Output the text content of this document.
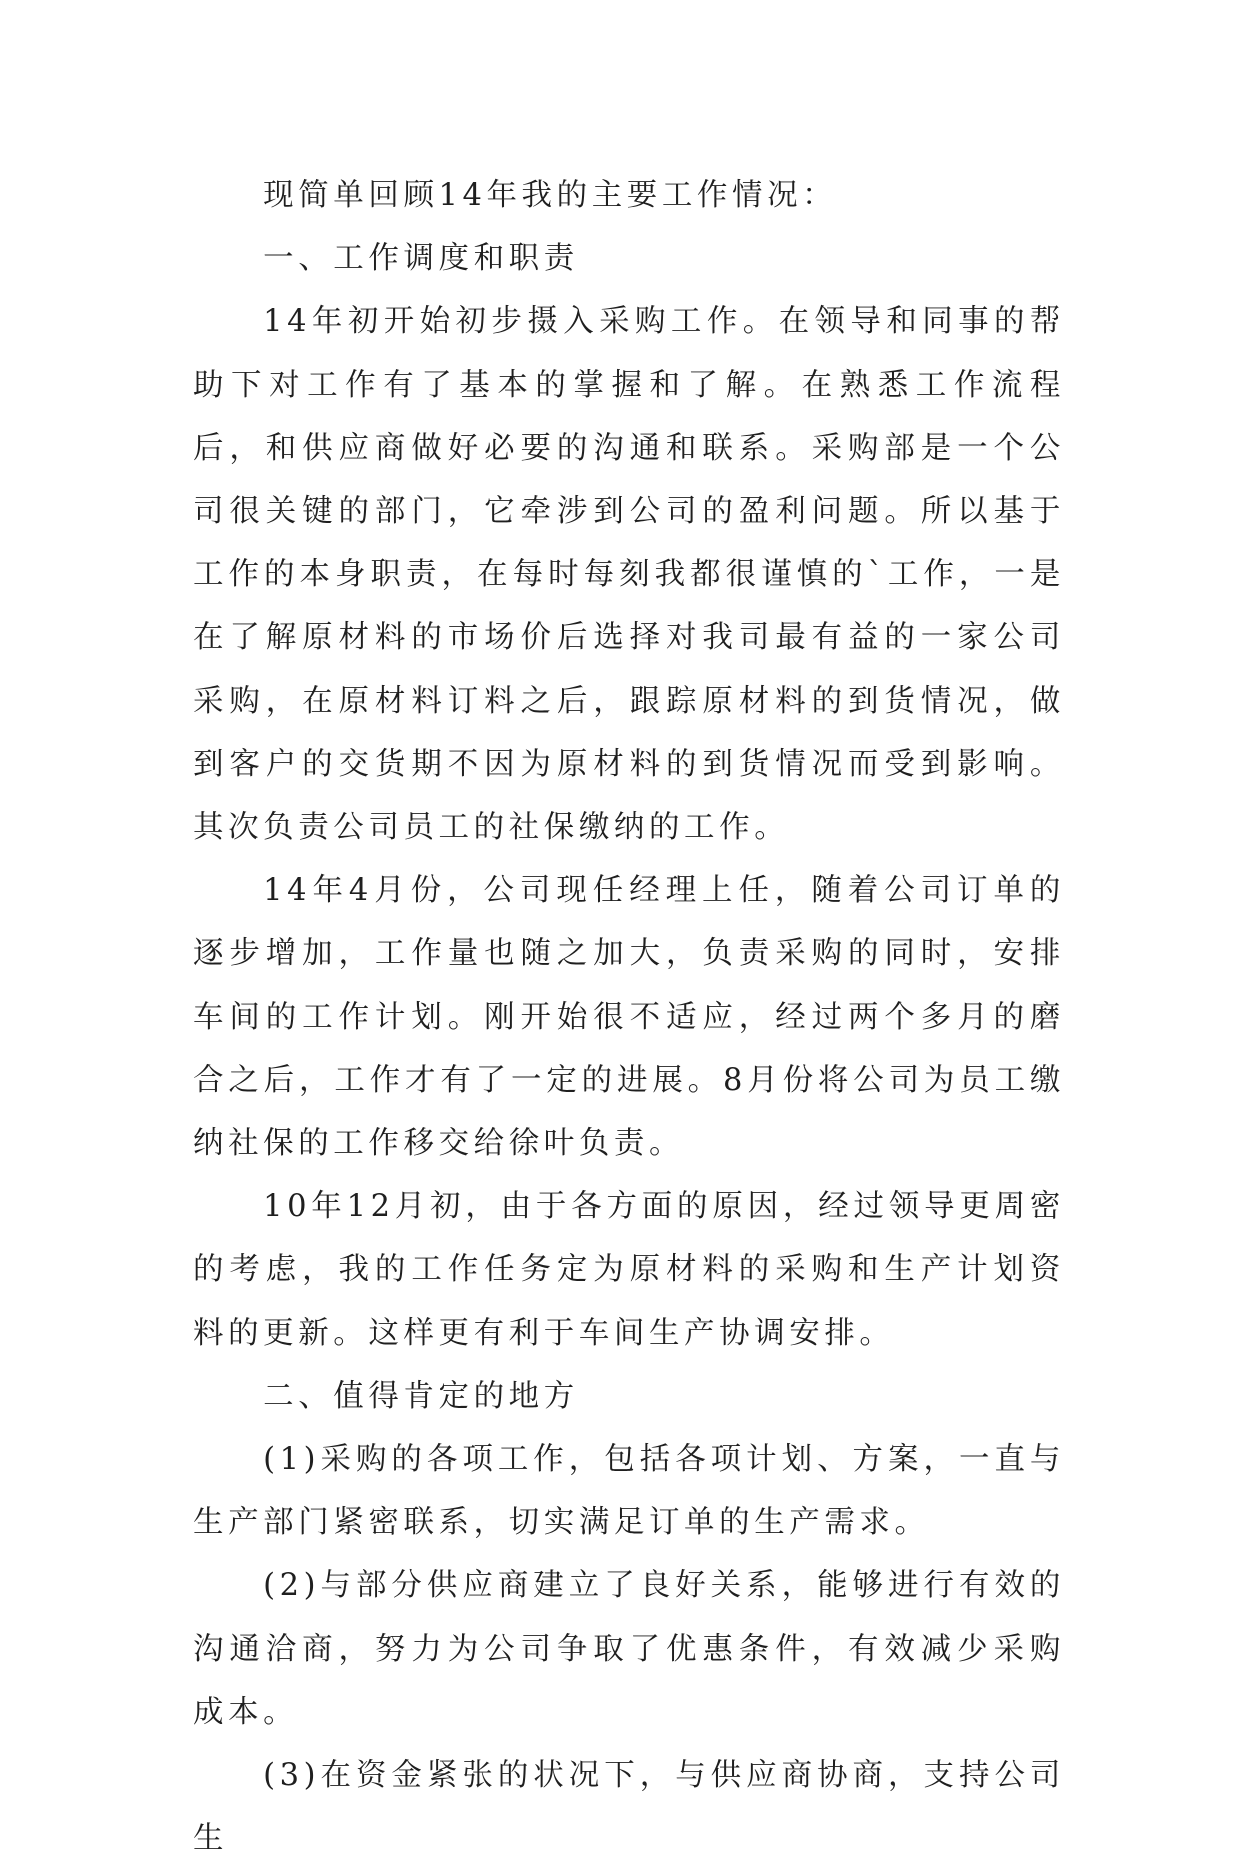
现简单回顾14年我的主要工作情况：

一、工作调度和职责

14年初开始初步摄入采购工作。在领导和同事的帮助下对工作有了基本的掌握和了解。在熟悉工作流程后，和供应商做好必要的沟通和联系。采购部是一个公司很关键的部门，它牵涉到公司的盈利问题。所以基于工作的本身职责，在每时每刻我都很谨慎的`工作，一是在了解原材料的市场价后选择对我司最有益的一家公司采购，在原材料订料之后，跟踪原材料的到货情况，做到客户的交货期不因为原材料的到货情况而受到影响。其次负责公司员工的社保缴纳的工作。

14年4月份，公司现任经理上任，随着公司订单的逐步增加，工作量也随之加大，负责采购的同时，安排车间的工作计划。刚开始很不适应，经过两个多月的磨合之后，工作才有了一定的进展。8月份将公司为员工缴纳社保的工作移交给徐叶负责。

10年12月初，由于各方面的原因，经过领导更周密的考虑，我的工作任务定为原材料的采购和生产计划资料的更新。这样更有利于车间生产协调安排。

二、值得肯定的地方

(1)采购的各项工作，包括各项计划、方案，一直与生产部门紧密联系，切实满足订单的生产需求。

(2)与部分供应商建立了良好关系，能够进行有效的沟通洽商，努力为公司争取了优惠条件，有效减少采购成本。

(3)在资金紧张的状况下，与供应商协商，支持公司生
